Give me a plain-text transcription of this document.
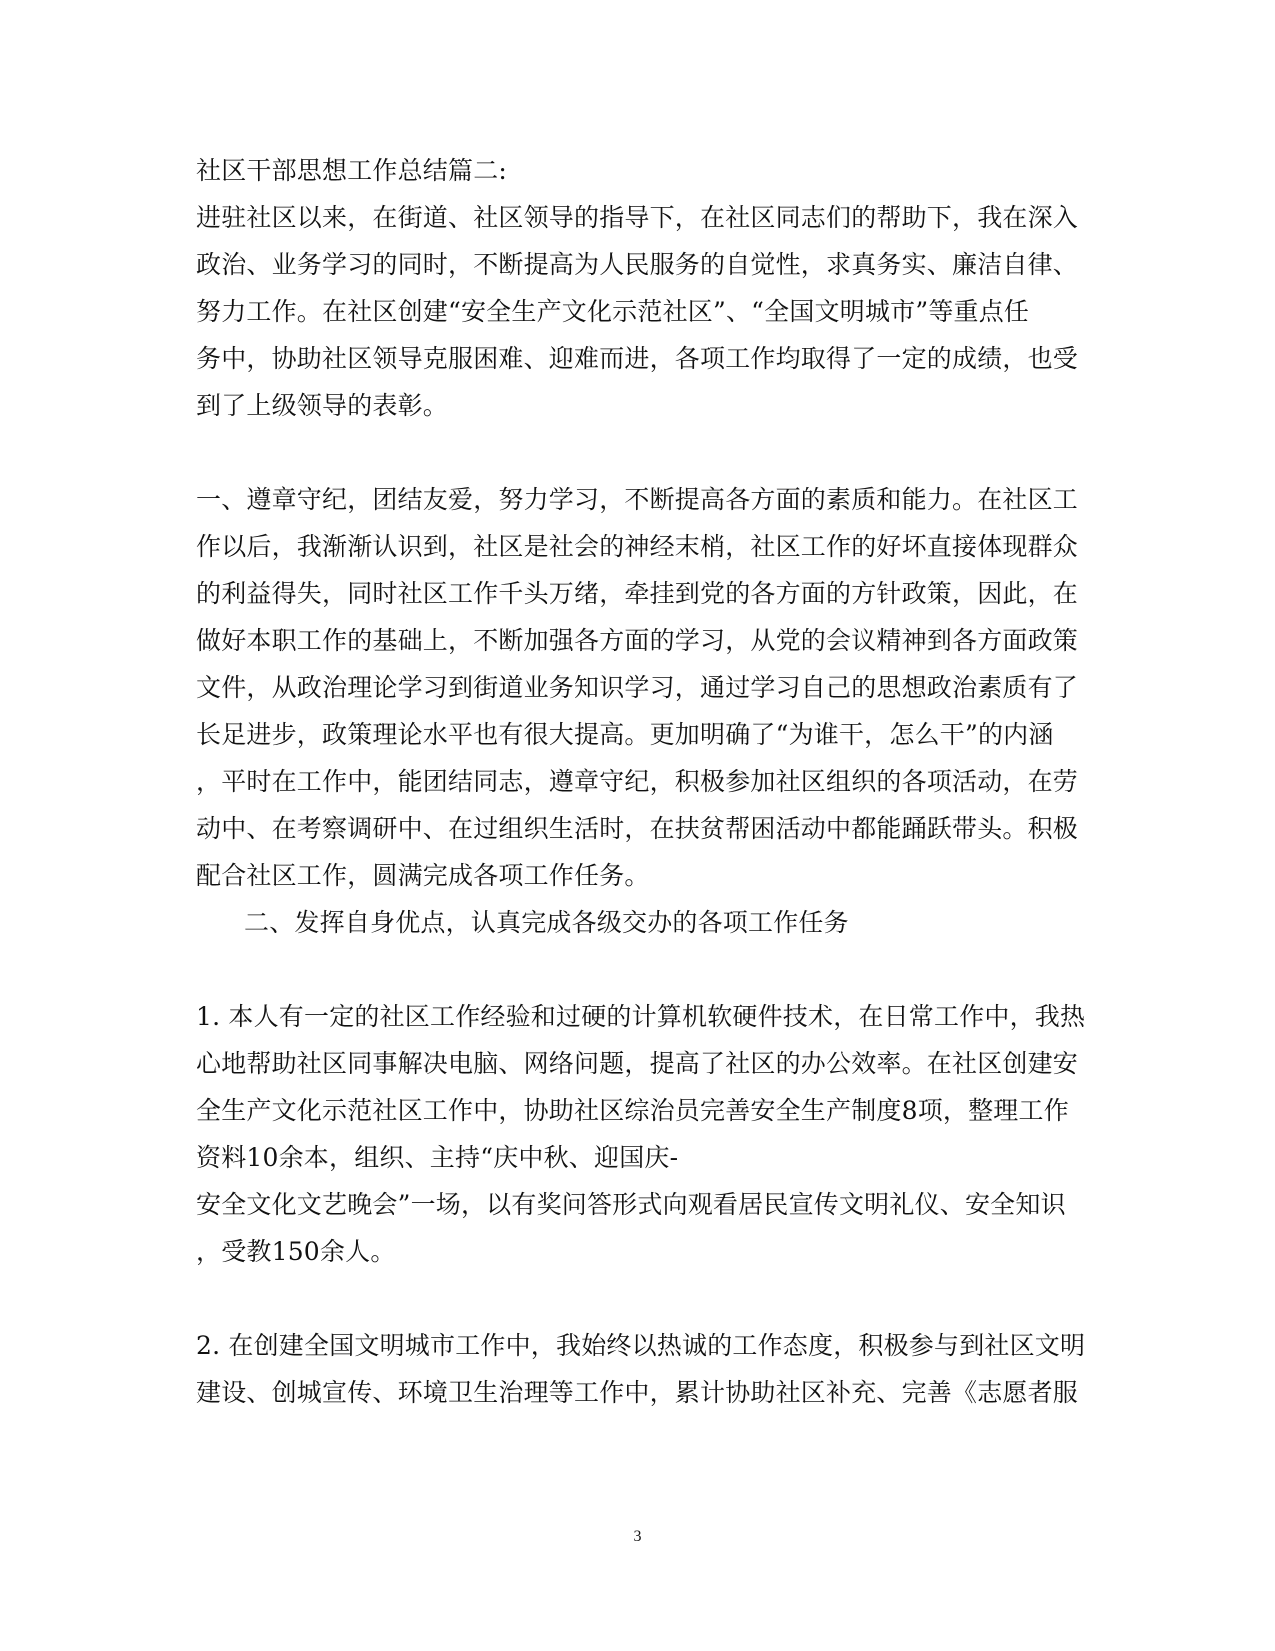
社区干部思想工作总结篇二:
进驻社区以来，在街道、社区领导的指导下，在社区同志们的帮助下，我在深入
政治、业务学习的同时，不断提高为人民服务的自觉性，求真务实、廉洁自律、
努力工作。在社区创建“安全生产文化示范社区”、“全国文明城市”等重点任
务中，协助社区领导克服困难、迎难而进，各项工作均取得了一定的成绩，也受
到了上级领导的表彰。
一、遵章守纪，团结友爱，努力学习，不断提高各方面的素质和能力。在社区工
作以后，我渐渐认识到，社区是社会的神经末梢，社区工作的好坏直接体现群众
的利益得失，同时社区工作千头万绪，牵挂到党的各方面的方针政策，因此，在
做好本职工作的基础上，不断加强各方面的学习，从党的会议精神到各方面政策
文件，从政治理论学习到街道业务知识学习，通过学习自己的思想政治素质有了
长足进步，政策理论水平也有很大提高。更加明确了“为谁干，怎么干”的内涵
，平时在工作中，能团结同志，遵章守纪，积极参加社区组织的各项活动，在劳
动中、在考察调研中、在过组织生活时，在扶贫帮困活动中都能踊跃带头。积极
配合社区工作，圆满完成各项工作任务。
二、发挥自身优点，认真完成各级交办的各项工作任务
1. 本人有一定的社区工作经验和过硬的计算机软硬件技术，在日常工作中，我热
心地帮助社区同事解决电脑、网络问题，提高了社区的办公效率。在社区创建安
全生产文化示范社区工作中，协助社区综治员完善安全生产制度8项，整理工作
资料10余本，组织、主持“庆中秋、迎国庆-
安全文化文艺晚会”一场，以有奖问答形式向观看居民宣传文明礼仪、安全知识
，受教150余人。
2. 在创建全国文明城市工作中，我始终以热诚的工作态度，积极参与到社区文明
建设、创城宣传、环境卫生治理等工作中，累计协助社区补充、完善《志愿者服
3
